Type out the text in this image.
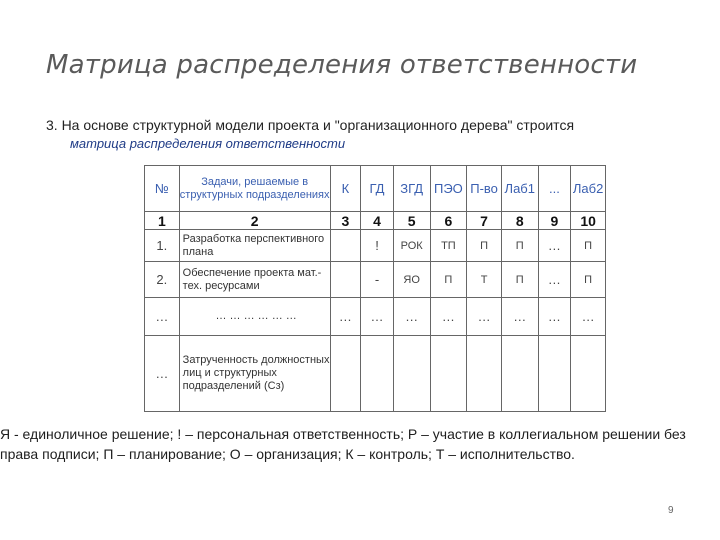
Матрица распределения ответственности
3. На основе структурной модели проекта и "организационного дерева" строится
матрица распределения ответственности
№	Задачи, решаемые в структурных подразделениях	К	ГД	ЗГД	ПЭО	П-во	Лаб1	...	Лаб2
1	2	3	4	5	6	7	8	9	10
1.	Разработка перспективного плана		!	РОК	ТП	П	П	…	П
2.	Обеспечение проекта мат.-тех. ресурсами		-	ЯО	П	Т	П	…	П
…	… … … … … …	…	…	…	…	…	…	…	…
…	Затрученность должностных лиц и структурных подразделений (Сз)								
Я - единоличное решение; ! – персональная ответственность; Р – участие в коллегиальном решении без права подписи; П – планирование; О – организация; К – контроль; Т – исполнительство.
9
